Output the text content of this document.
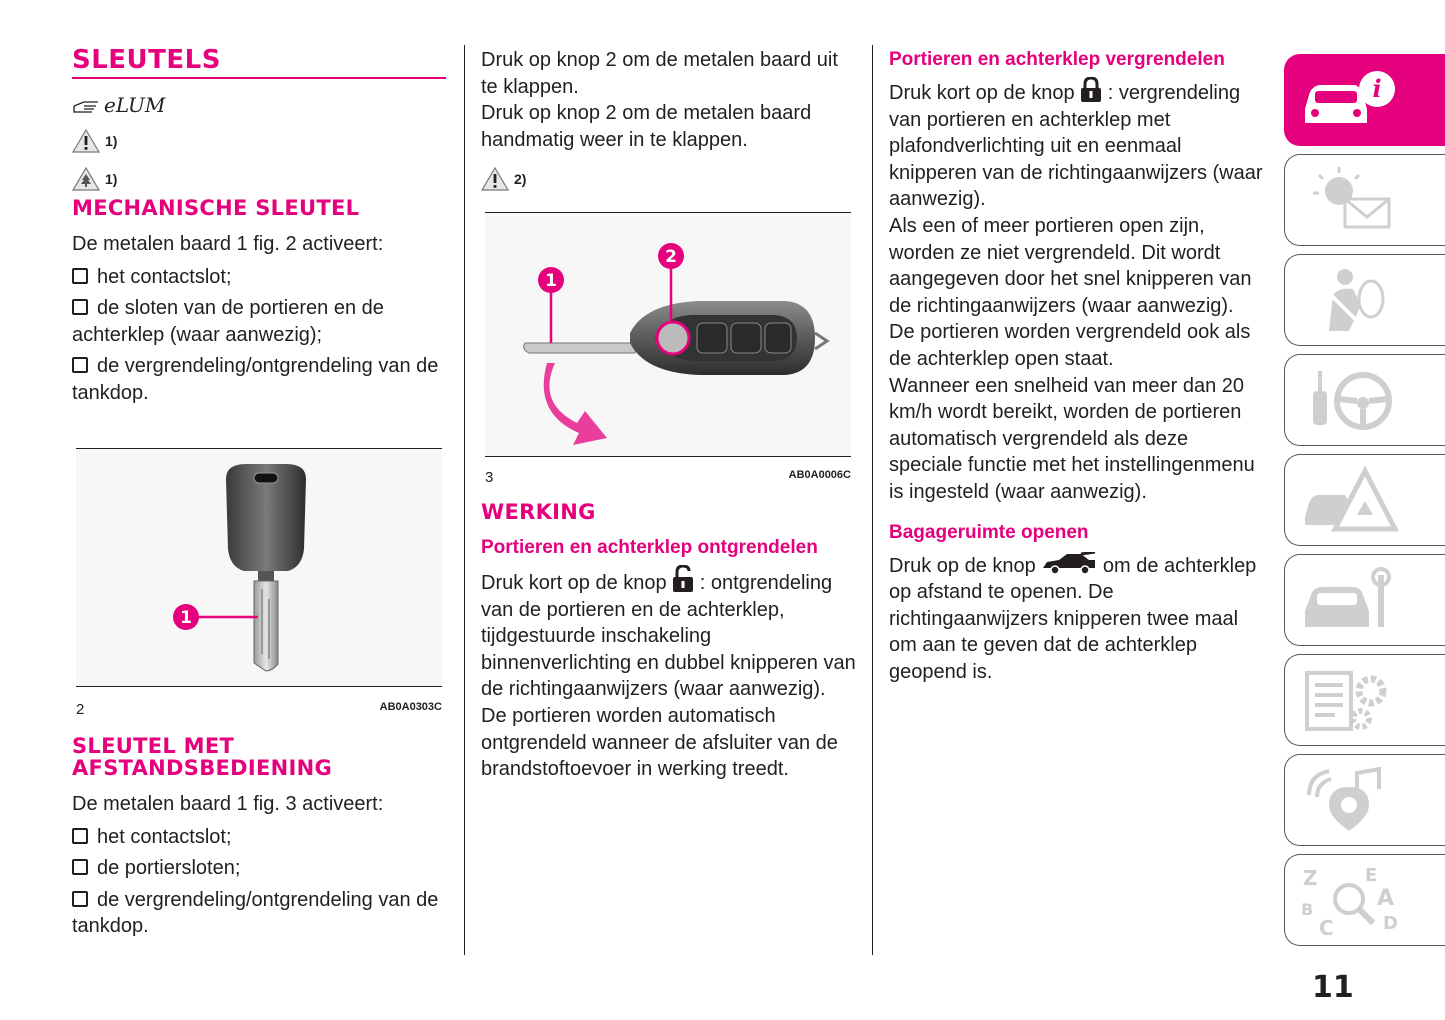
SLEUTELS
eLUM
1)
1)
MECHANISCHE SLEUTEL

De metalen baard 1 fig. 2 activeert:

het contactslot;

de sloten van de portieren en de achterklep (waar aanwezig);

de vergrendeling/ontgrendeling van de tankdop.

1
2	AB0A0303C
SLEUTEL MET
AFSTANDSBEDIENING

De metalen baard 1 fig. 3 activeert:

het contactslot;

de portiersloten;

de vergrendeling/ontgrendeling van de tankdop.

Druk op knop 2 om de metalen baard uit te klappen.

Druk op knop 2 om de metalen baard handmatig weer in te klappen.

2)
1
2
3	AB0A0006C
WERKING
Portieren en achterklep ontgrendelen

Druk kort op de knop : ontgrendeling van de portieren en de achterklep, tijdgestuurde inschakeling binnenverlichting en dubbel knipperen van de richtingaanwijzers (waar aanwezig).

De portieren worden automatisch ontgrendeld wanneer de afsluiter van de brandstoftoevoer in werking treedt.

Portieren en achterklep vergrendelen

Druk kort op de knop : vergrendeling van portieren en achterklep met plafondverlichting uit en eenmaal knipperen van de richtingaanwijzers (waar aanwezig).

Als een of meer portieren open zijn, worden ze niet vergrendeld. Dit wordt aangegeven door het snel knipperen van de richtingaanwijzers (waar aanwezig). De portieren worden vergrendeld ook als de achterklep open staat.

Wanneer een snelheid van meer dan 20 km/h wordt bereikt, worden de portieren automatisch vergrendeld als deze speciale functie met het instellingenmenu is ingesteld (waar aanwezig).

Bagageruimte openen

Druk op de knop	om de achterklep op afstand te openen. De richtingaanwijzers knipperen twee maal om aan te geven dat de achterklep geopend is.

i
Z	E
A
B
D
C
11
